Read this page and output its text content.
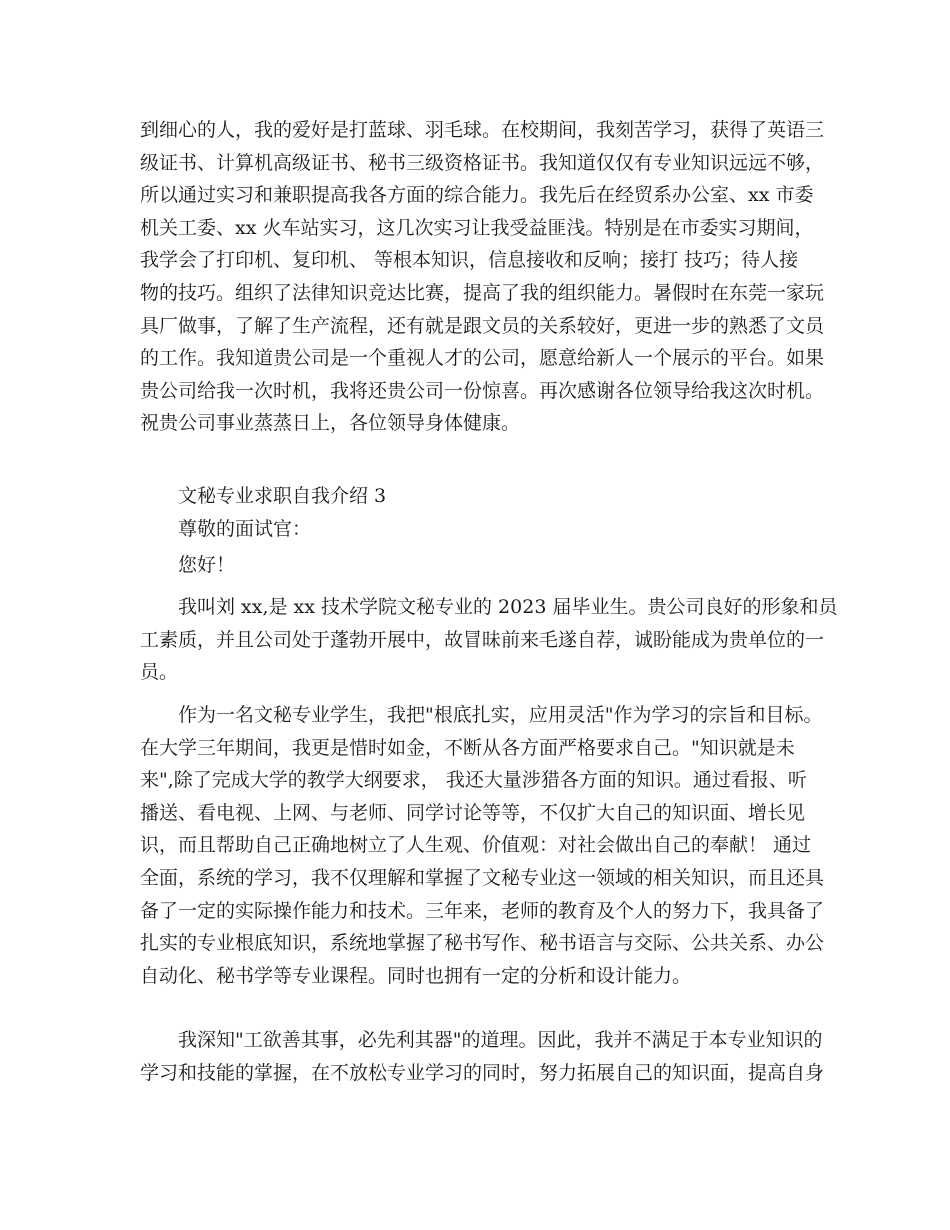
到细心的人，我的爱好是打蓝球、羽毛球。在校期间，我刻苦学习，获得了英语三
级证书、计算机高级证书、秘书三级资格证书。我知道仅仅有专业知识远远不够，
所以通过实习和兼职提高我各方面的综合能力。我先后在经贸系办公室、xx 市委
机关工委、xx 火车站实习，这几次实习让我受益匪浅。特别是在市委实习期间，
我学会了打印机、复印机、 等根本知识，信息接收和反响；接打 技巧；待人接
物的技巧。组织了法律知识竞达比赛，提高了我的组织能力。暑假时在东莞一家玩
具厂做事，了解了生产流程，还有就是跟文员的关系较好，更进一步的熟悉了文员
的工作。我知道贵公司是一个重视人才的公司，愿意给新人一个展示的平台。如果
贵公司给我一次时机，我将还贵公司一份惊喜。再次感谢各位领导给我这次时机。
祝贵公司事业蒸蒸日上，各位领导身体健康。
文秘专业求职自我介绍 3
尊敬的面试官：
您好！
我叫刘 xx,是 xx 技术学院文秘专业的 2023 届毕业生。贵公司良好的形象和员
工素质，并且公司处于蓬勃开展中，故冒昧前来毛遂自荐，诚盼能成为贵单位的一
员。
作为一名文秘专业学生，我把"根底扎实，应用灵活"作为学习的宗旨和目标。
在大学三年期间，我更是惜时如金，不断从各方面严格要求自己。"知识就是未
来",除了完成大学的教学大纲要求， 我还大量涉猎各方面的知识。通过看报、听
播送、看电视、上网、与老师、同学讨论等等，不仅扩大自己的知识面、增长见
识，而且帮助自己正确地树立了人生观、价值观：对社会做出自己的奉献！ 通过
全面，系统的学习，我不仅理解和掌握了文秘专业这一领域的相关知识，而且还具
备了一定的实际操作能力和技术。三年来，老师的教育及个人的努力下，我具备了
扎实的专业根底知识，系统地掌握了秘书写作、秘书语言与交际、公共关系、办公
自动化、秘书学等专业课程。同时也拥有一定的分析和设计能力。
我深知"工欲善其事，必先利其器"的道理。因此，我并不满足于本专业知识的
学习和技能的掌握，在不放松专业学习的同时，努力拓展自己的知识面，提高自身
